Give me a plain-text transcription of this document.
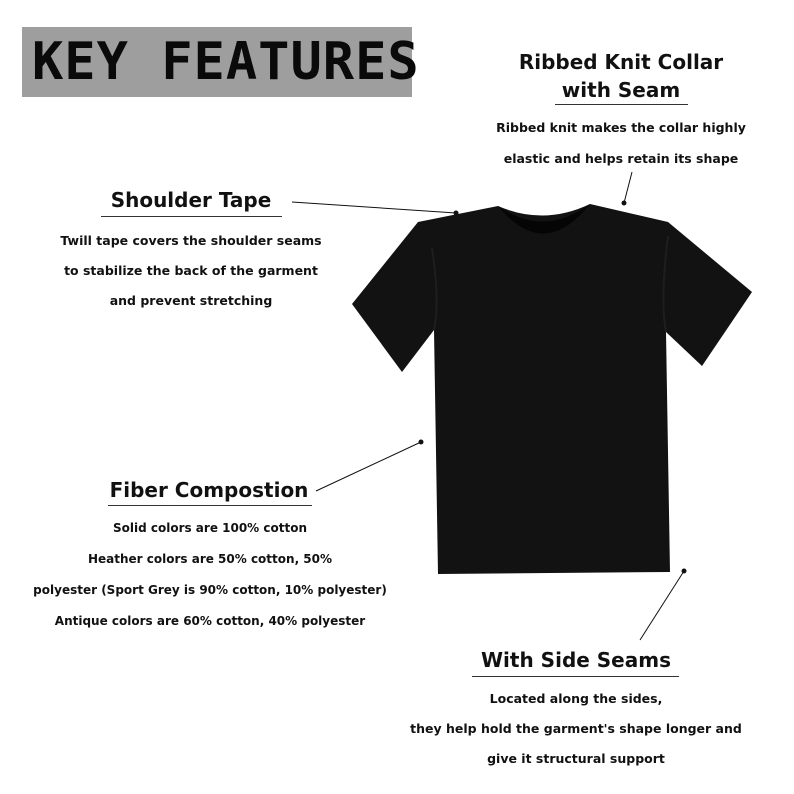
KEY FEATURES	Ribbed Knit Collar
with Seam
Ribbed knit makes the collar highly
elastic and helps retain its shape
Shoulder Tape
Twill tape covers the shoulder seams
to stabilize the back of the garment
and prevent stretching
Fiber Compostion
Solid colors are 100% cotton
Heather colors are 50% cotton, 50%
polyester (Sport Grey is 90% cotton, 10% polyester)
Antique colors are 60% cotton, 40% polyester
With Side Seams
Located along the sides,
they help hold the garment's shape longer and
give it structural support
